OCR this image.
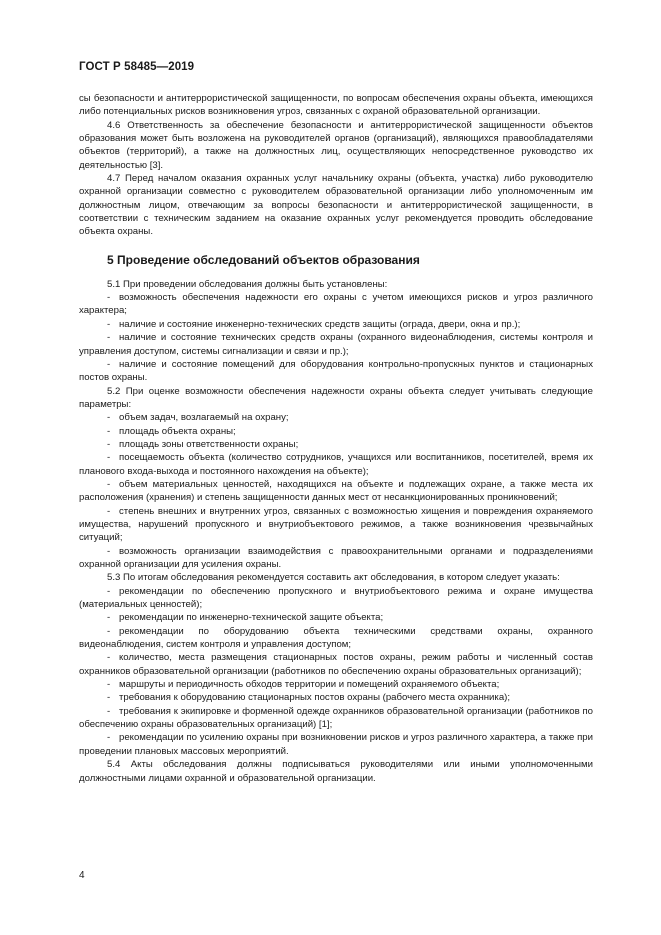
ГОСТ Р 58485—2019

сы безопасности и антитеррористической защищенности, по вопросам обеспечения охраны объекта, имеющихся либо потенциальных рисков возникновения угроз, связанных с охраной образовательной организации.

4.6 Ответственность за обеспечение безопасности и антитеррористической защищенности объектов образования может быть возложена на руководителей органов (организаций), являющихся правообладателями объектов (территорий), а также на должностных лиц, осуществляющих непосредственное руководство их деятельностью [3].

4.7 Перед началом оказания охранных услуг начальнику охраны (объекта, участка) либо руководителю охранной организации совместно с руководителем образовательной организации либо уполномоченным им должностным лицом, отвечающим за вопросы безопасности и антитеррористической защищенности, в соответствии с техническим заданием на оказание охранных услуг рекомендуется проводить обследование объекта охраны.

5 Проведение обследований объектов образования

5.1 При проведении обследования должны быть установлены:

- возможность обеспечения надежности его охраны с учетом имеющихся рисков и угроз различного характера;

- наличие и состояние инженерно-технических средств защиты (ограда, двери, окна и пр.);

- наличие и состояние технических средств охраны (охранного видеонаблюдения, системы контроля и управления доступом, системы сигнализации и связи и пр.);

- наличие и состояние помещений для оборудования контрольно-пропускных пунктов и стационарных постов охраны.

5.2 При оценке возможности обеспечения надежности охраны объекта следует учитывать следующие параметры:

- объем задач, возлагаемый на охрану;

- площадь объекта охраны;

- площадь зоны ответственности охраны;

- посещаемость объекта (количество сотрудников, учащихся или воспитанников, посетителей, время их планового входа-выхода и постоянного нахождения на объекте);

- объем материальных ценностей, находящихся на объекте и подлежащих охране, а также места их расположения (хранения) и степень защищенности данных мест от несанкционированных проникновений;

- степень внешних и внутренних угроз, связанных с возможностью хищения и повреждения охраняемого имущества, нарушений пропускного и внутриобъектового режимов, а также возникновения чрезвычайных ситуаций;

- возможность организации взаимодействия с правоохранительными органами и подразделениями охранной организации для усиления охраны.

5.3 По итогам обследования рекомендуется составить акт обследования, в котором следует указать:

- рекомендации по обеспечению пропускного и внутриобъектового режима и охране имущества (материальных ценностей);

- рекомендации по инженерно-технической защите объекта;

- рекомендации по оборудованию объекта техническими средствами охраны, охранного видеонаблюдения, систем контроля и управления доступом;

- количество, места размещения стационарных постов охраны, режим работы и численный состав охранников образовательной организации (работников по обеспечению охраны образовательных организаций);

- маршруты и периодичность обходов территории и помещений охраняемого объекта;

- требования к оборудованию стационарных постов охраны (рабочего места охранника);

- требования к экипировке и форменной одежде охранников образовательной организации (работников по обеспечению охраны образовательных организаций) [1];

- рекомендации по усилению охраны при возникновении рисков и угроз различного характера, а также при проведении плановых массовых мероприятий.

5.4 Акты обследования должны подписываться руководителями или иными уполномоченными должностными лицами охранной и образовательной организации.

4
